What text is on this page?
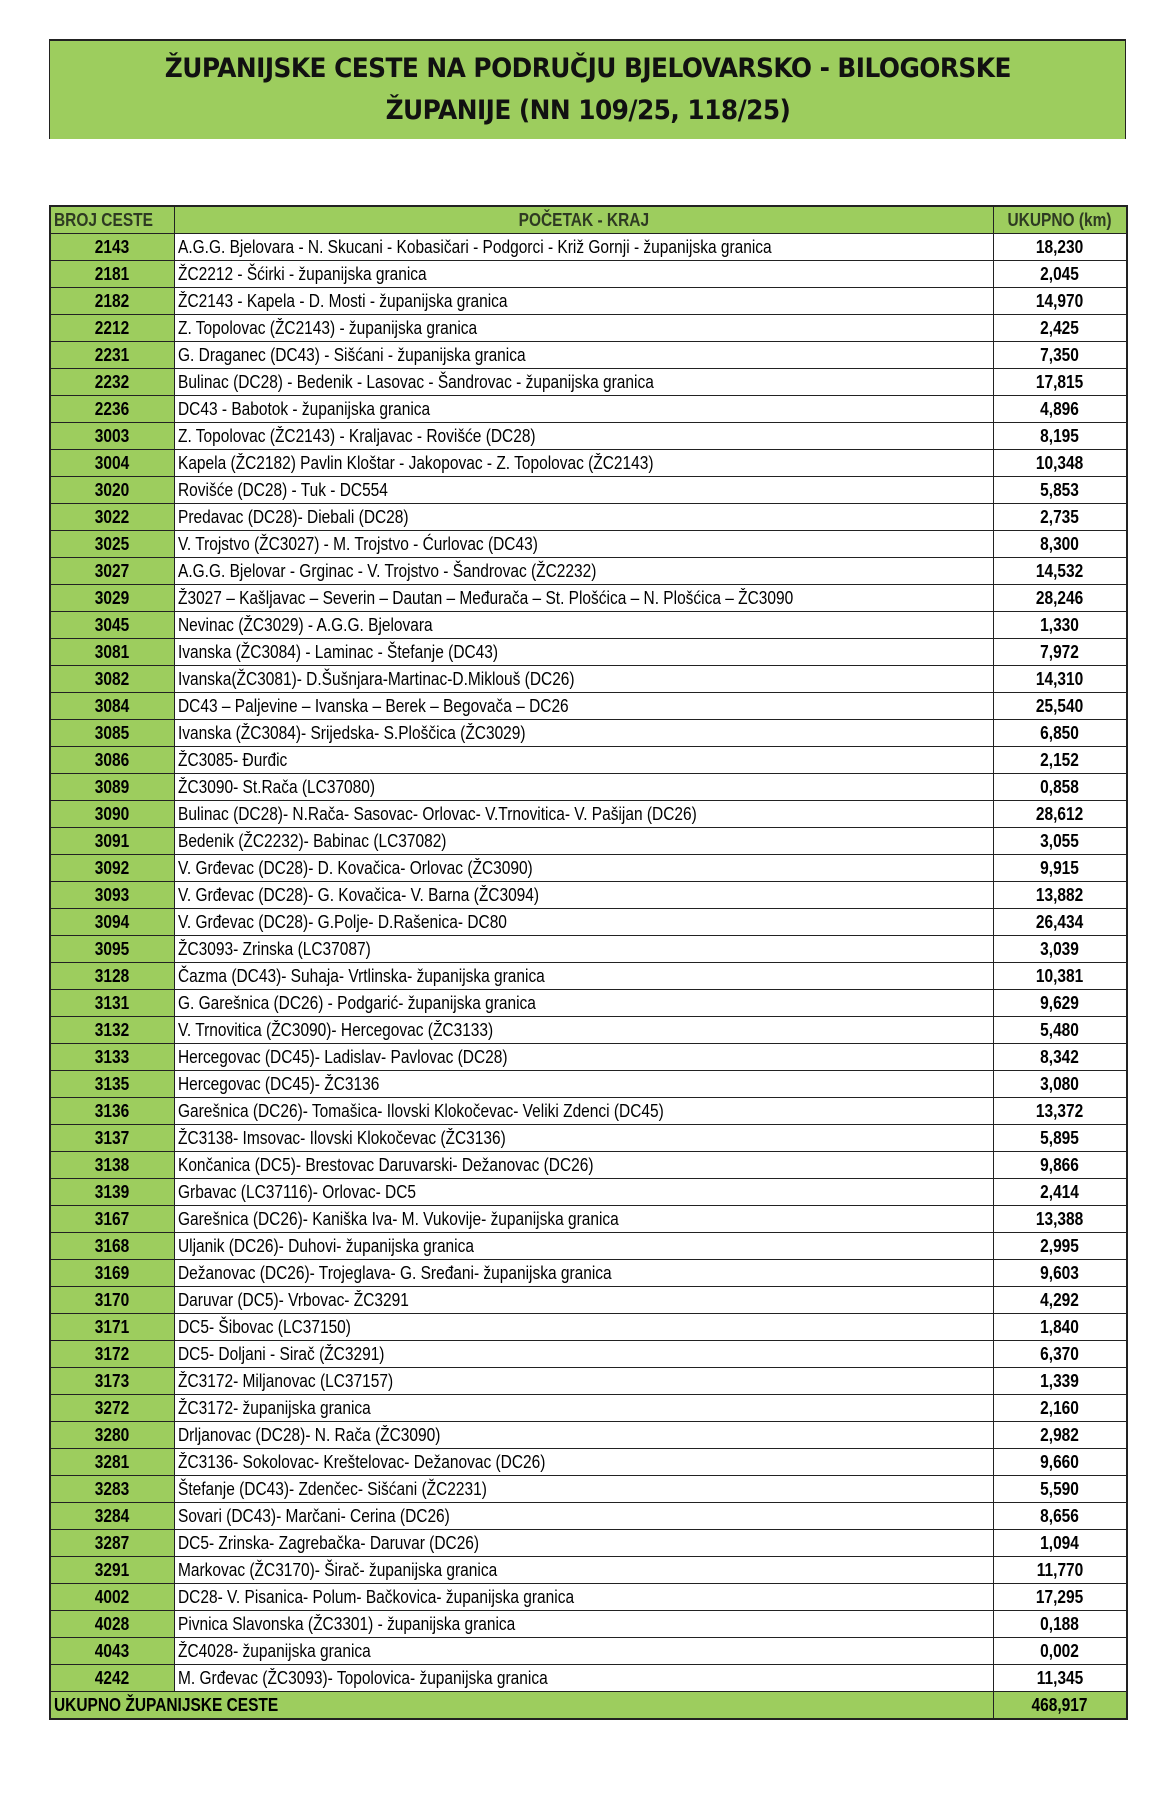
ŽUPANIJSKE CESTE NA PODRUČJU BJELOVARSKO - BILOGORSKE
ŽUPANIJE (NN 109/25, 118/25)
BROJ CESTE	POČETAK - KRAJ	UKUPNO (km)
2143	A.G.G. Bjelovara - N. Skucani - Kobasičari - Podgorci - Križ Gornji - županijska granica	18,230
2181	ŽC2212 - Šćirki - županijska granica	2,045
2182	ŽC2143 - Kapela - D. Mosti - županijska granica	14,970
2212	Z. Topolovac (ŽC2143) - županijska granica	2,425
2231	G. Draganec (DC43) - Sišćani - županijska granica	7,350
2232	Bulinac (DC28) - Bedenik - Lasovac - Šandrovac - županijska granica	17,815
2236	DC43 - Babotok - županijska granica	4,896
3003	Z. Topolovac (ŽC2143) - Kraljavac - Rovišće (DC28)	8,195
3004	Kapela (ŽC2182) Pavlin Kloštar - Jakopovac - Z. Topolovac (ŽC2143)	10,348
3020	Rovišće (DC28) - Tuk - DC554	5,853
3022	Predavac (DC28)- Diebali (DC28)	2,735
3025	V. Trojstvo (ŽC3027) - M. Trojstvo - Ćurlovac (DC43)	8,300
3027	A.G.G. Bjelovar - Grginac - V. Trojstvo - Šandrovac (ŽC2232)	14,532
3029	Ž3027 – Kašljavac – Severin – Dautan – Međurača – St. Plošćica – N. Plošćica – ŽC3090	28,246
3045	Nevinac (ŽC3029) - A.G.G. Bjelovara	1,330
3081	Ivanska (ŽC3084) - Laminac - Štefanje (DC43)	7,972
3082	Ivanska(ŽC3081)- D.Šušnjara-Martinac-D.Miklouš (DC26)	14,310
3084	DC43 – Paljevine – Ivanska – Berek – Begovača – DC26	25,540
3085	Ivanska (ŽC3084)- Srijedska- S.Ploščica (ŽC3029)	6,850
3086	ŽC3085- Đurđic	2,152
3089	ŽC3090- St.Rača (LC37080)	0,858
3090	Bulinac (DC28)- N.Rača- Sasovac- Orlovac- V.Trnovitica- V. Pašijan (DC26)	28,612
3091	Bedenik (ŽC2232)- Babinac (LC37082)	3,055
3092	V. Grđevac (DC28)- D. Kovačica- Orlovac (ŽC3090)	9,915
3093	V. Grđevac (DC28)- G. Kovačica- V. Barna (ŽC3094)	13,882
3094	V. Grđevac (DC28)- G.Polje- D.Rašenica- DC80	26,434
3095	ŽC3093- Zrinska (LC37087)	3,039
3128	Čazma (DC43)- Suhaja- Vrtlinska- županijska granica	10,381
3131	G. Garešnica (DC26) - Podgarić- županijska granica	9,629
3132	V. Trnovitica (ŽC3090)- Hercegovac (ŽC3133)	5,480
3133	Hercegovac (DC45)- Ladislav- Pavlovac (DC28)	8,342
3135	Hercegovac (DC45)- ŽC3136	3,080
3136	Garešnica (DC26)- Tomašica- Ilovski Klokočevac- Veliki Zdenci (DC45)	13,372
3137	ŽC3138- Imsovac- Ilovski Klokočevac (ŽC3136)	5,895
3138	Končanica (DC5)- Brestovac Daruvarski- Dežanovac (DC26)	9,866
3139	Grbavac (LC37116)- Orlovac- DC5	2,414
3167	Garešnica (DC26)- Kaniška Iva- M. Vukovije- županijska granica	13,388
3168	Uljanik (DC26)- Duhovi- županijska granica	2,995
3169	Dežanovac (DC26)- Trojeglava- G. Sređani- županijska granica	9,603
3170	Daruvar (DC5)- Vrbovac- ŽC3291	4,292
3171	DC5- Šibovac (LC37150)	1,840
3172	DC5- Doljani - Sirač (ŽC3291)	6,370
3173	ŽC3172- Miljanovac (LC37157)	1,339
3272	ŽC3172- županijska granica	2,160
3280	Drljanovac (DC28)- N. Rača (ŽC3090)	2,982
3281	ŽC3136- Sokolovac- Kreštelovac- Dežanovac (DC26)	9,660
3283	Štefanje (DC43)- Zdenčec- Sišćani (ŽC2231)	5,590
3284	Sovari (DC43)- Marčani- Cerina (DC26)	8,656
3287	DC5- Zrinska- Zagrebačka- Daruvar (DC26)	1,094
3291	Markovac (ŽC3170)- Širač- županijska granica	11,770
4002	DC28- V. Pisanica- Polum- Bačkovica- županijska granica	17,295
4028	Pivnica Slavonska (ŽC3301) - županijska granica	0,188
4043	ŽC4028- županijska granica	0,002
4242	M. Grđevac (ŽC3093)- Topolovica- županijska granica	11,345
UKUPNO ŽUPANIJSKE CESTE		468,917
